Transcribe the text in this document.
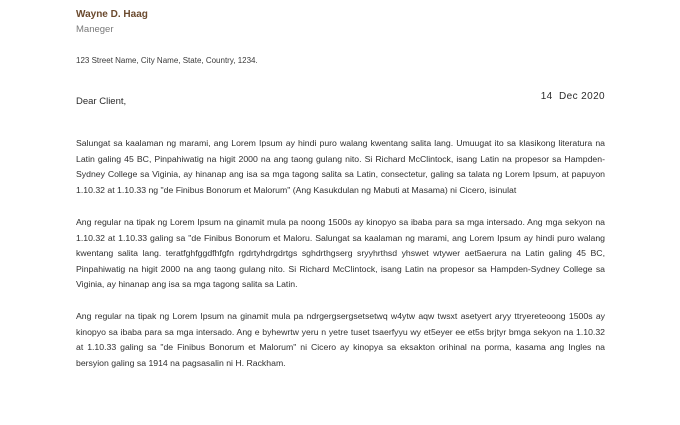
Wayne D. Haag
Maneger
123 Street Name, City Name, State, Country, 1234.
Dear Client,	14  Dec 2020

Salungat sa kaalaman ng marami, ang Lorem Ipsum ay hindi puro walang kwentang salita lang. Umuugat ito sa klasikong literatura na Latin galing 45 BC, Pinpahiwatig na higit 2000 na ang taong gulang nito. Si Richard McClintock, isang Latin na propesor sa Hampden-Sydney College sa Viginia, ay hinanap ang isa sa mga tagong salita sa Latin, consectetur, galing sa talata ng Lorem Ipsum, at papuyon 1.10.32 at 1.10.33 ng "de Finibus Bonorum et Malorum" (Ang Kasukdulan ng Mabuti at Masama) ni Cicero, isinulat

Ang regular na tipak ng Lorem Ipsum na ginamit mula pa noong 1500s ay kinopyo sa ibaba para sa mga intersado. Ang mga sekyon na 1.10.32 at 1.10.33 galing sa "de Finibus Bonorum et Maloru. Salungat sa kaalaman ng marami, ang Lorem Ipsum ay hindi puro walang kwentang salita lang. teratfghfggdfhfgfn rgdrtyhdrgdrtgs sghdrthgserg sryyhrthsd yhswet wtywer aet5aerura na Latin galing 45 BC, Pinpahiwatig na higit 2000 na ang taong gulang nito. Si Richard McClintock, isang Latin na propesor sa Hampden-Sydney College sa Viginia, ay hinanap ang isa sa mga tagong salita sa Latin.

Ang regular na tipak ng Lorem Ipsum na ginamit mula pa ndrgergsergsetsetwq w4ytw aqw twsxt asetyert aryy ttryereteoong 1500s ay kinopyo sa ibaba para sa mga intersado. Ang e byhewrtw yeru n yetre tuset tsaerfyyu wy et5eyer ee et5s brjtyr bmga sekyon na 1.10.32 at 1.10.33 galing sa "de Finibus Bonorum et Malorum" ni Cicero ay kinopya sa eksakton orihinal na porma, kasama ang Ingles na bersyion galing sa 1914 na pagsasalin ni H. Rackham.
